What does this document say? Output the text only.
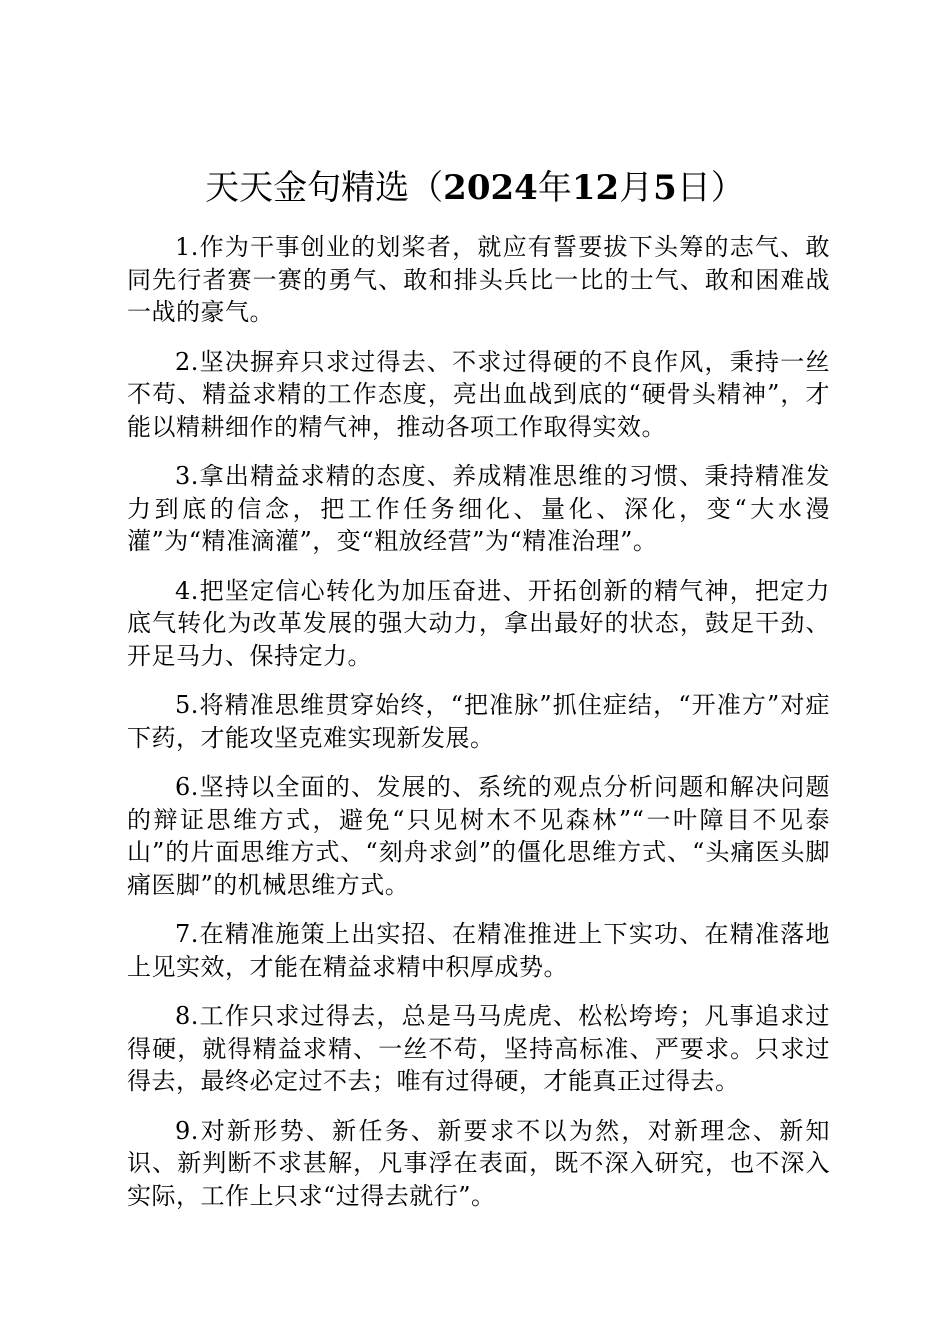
天天金句精选（2024年12月5日）

1.作为干事创业的划桨者，就应有誓要拔下头筹的志气、敢同先行者赛一赛的勇气、敢和排头兵比一比的士气、敢和困难战一战的豪气。

2.坚决摒弃只求过得去、不求过得硬的不良作风，秉持一丝不苟、精益求精的工作态度，亮出血战到底的“硬骨头精神”，才能以精耕细作的精气神，推动各项工作取得实效。

3.拿出精益求精的态度、养成精准思维的习惯、秉持精准发力到底的信念，把工作任务细化、量化、深化，变“大水漫灌”为“精准滴灌”，变“粗放经营”为“精准治理”。

4.把坚定信心转化为加压奋进、开拓创新的精气神，把定力底气转化为改革发展的强大动力，拿出最好的状态，鼓足干劲、开足马力、保持定力。

5.将精准思维贯穿始终，“把准脉”抓住症结，“开准方”对症下药，才能攻坚克难实现新发展。

6.坚持以全面的、发展的、系统的观点分析问题和解决问题的辩证思维方式，避免“只见树木不见森林”“一叶障目不见泰山”的片面思维方式、“刻舟求剑”的僵化思维方式、“头痛医头脚痛医脚”的机械思维方式。

7.在精准施策上出实招、在精准推进上下实功、在精准落地上见实效，才能在精益求精中积厚成势。

8.工作只求过得去，总是马马虎虎、松松垮垮；凡事追求过得硬，就得精益求精、一丝不苟，坚持高标准、严要求。只求过得去，最终必定过不去；唯有过得硬，才能真正过得去。

9.对新形势、新任务、新要求不以为然，对新理念、新知识、新判断不求甚解，凡事浮在表面，既不深入研究，也不深入实际，工作上只求“过得去就行”。
